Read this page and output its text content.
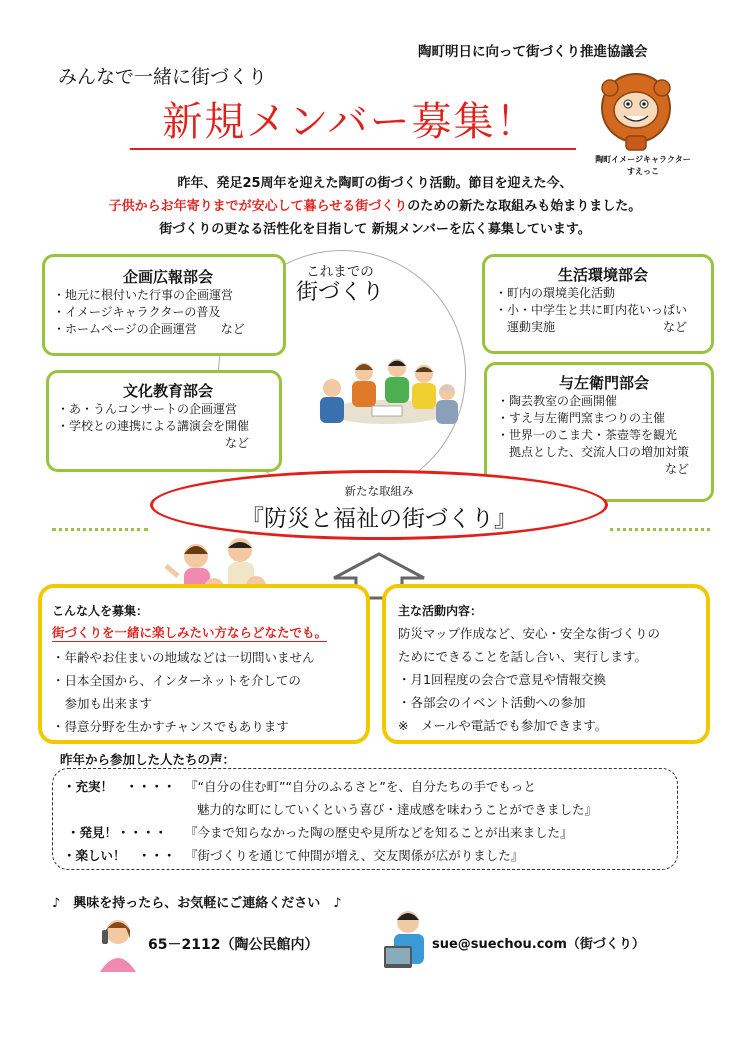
陶町明日に向って街づくり推進協議会
みんなで一緒に街づくり
新規メンバー募集！
陶町イメージキャラクター
すえっこ
昨年、発足25周年を迎えた陶町の街づくり活動。節目を迎えた今、
子供からお年寄りまでが安心して暮らせる街づくりのための新たな取組みも始まりました。
街づくりの更なる活性化を目指して 新規メンバーを広く募集しています。
これまでの
街づくり
企画広報部会
・地元に根付いた行事の企画運営
・イメージキャラクターの普及
・ホームページの企画運営　　など
文化教育部会
・あ・うんコンサートの企画運営
・学校との連携による講演会を開催
　　　　　　　　　　　　　　など
生活環境部会
・町内の環境美化活動
・小・中学生と共に町内花いっぱい
　運動実施　　　　　　　　　など
与左衛門部会
・陶芸教室の企画開催
・すえ与左衛門窯まつりの主催
・世界一のこま犬・茶壺等を観光
　拠点とした、交流人口の増加対策
　　　　　　　　　　　　　　など
新たな取組み
『防災と福祉の街づくり』
こんな人を募集：
街づくりを一緒に楽しみたい方ならどなたでも。
・年齢やお住まいの地域などは一切問いません
・日本全国から、インターネットを介しての
　参加も出来ます
・得意分野を生かすチャンスでもあります
主な活動内容：
防災マップ作成など、安心・安全な街づくりの
ためにできることを話し合い、実行します。
・月1回程度の会合で意見や情報交換
・各部会のイベント活動への参加
※　メールや電話でも参加できます。
昨年から参加した人たちの声：
・充実！　・・・・ 『“自分の住む町”“自分のふるさと”を、自分たちの手でもっと
魅力的な町にしていくという喜び・達成感を味わうことができました』
・発見！・・・・ 『今まで知らなかった陶の歴史や見所などを知ることが出来ました』
・楽しい！　・・・ 『街づくりを通じて仲間が増え、交友関係が広がりました』
♪　興味を持ったら、お気軽にご連絡ください　♪
65－2112（陶公民館内）	sue@suechou.com（街づくり）
